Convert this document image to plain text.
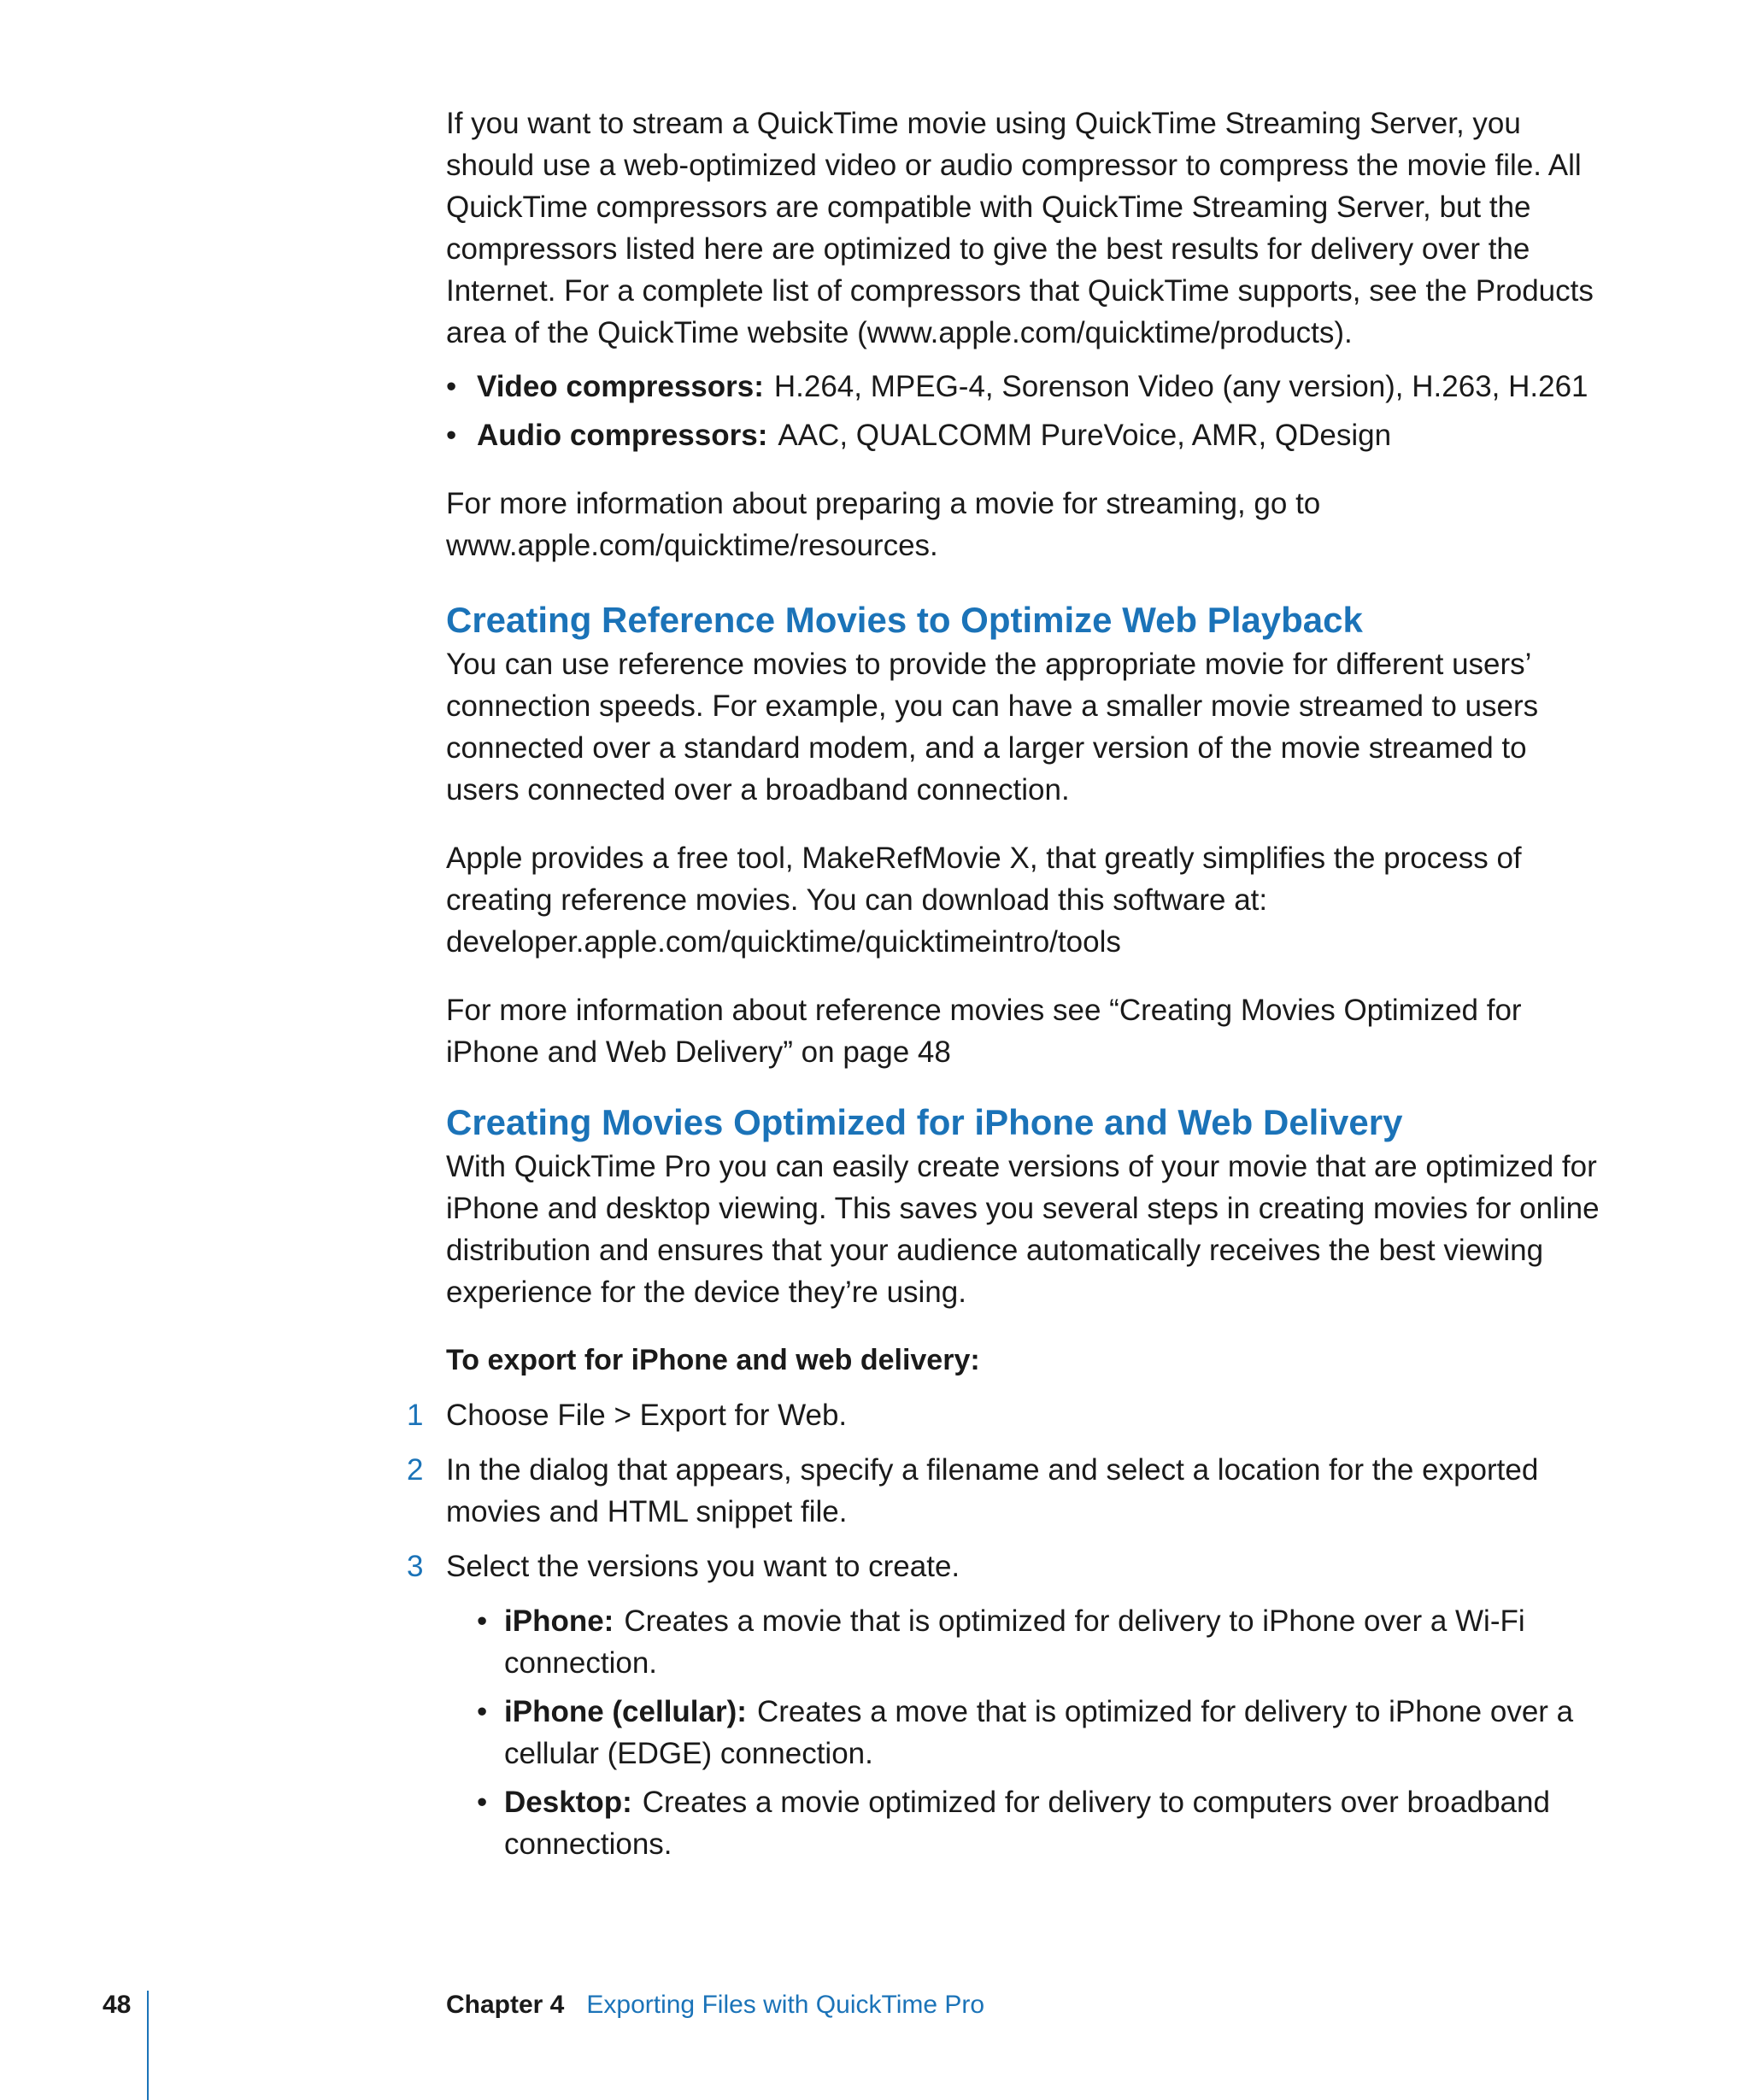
If you want to stream a QuickTime movie using QuickTime Streaming Server, you should use a web-optimized video or audio compressor to compress the movie file. All QuickTime compressors are compatible with QuickTime Streaming Server, but the compressors listed here are optimized to give the best results for delivery over the Internet. For a complete list of compressors that QuickTime supports, see the Products area of the QuickTime website (www.apple.com/quicktime/products).

• Video compressors: H.264, MPEG-4, Sorenson Video (any version), H.263, H.261
• Audio compressors: AAC, QUALCOMM PureVoice, AMR, QDesign

For more information about preparing a movie for streaming, go to www.apple.com/quicktime/resources.

Creating Reference Movies to Optimize Web Playback

You can use reference movies to provide the appropriate movie for different users’ connection speeds. For example, you can have a smaller movie streamed to users connected over a standard modem, and a larger version of the movie streamed to users connected over a broadband connection.

Apple provides a free tool, MakeRefMovie X, that greatly simplifies the process of creating reference movies. You can download this software at: developer.apple.com/quicktime/quicktimeintro/tools

For more information about reference movies see “Creating Movies Optimized for iPhone and Web Delivery” on page 48

Creating Movies Optimized for iPhone and Web Delivery

With QuickTime Pro you can easily create versions of your movie that are optimized for iPhone and desktop viewing. This saves you several steps in creating movies for online distribution and ensures that your audience automatically receives the best viewing experience for the device they’re using.

To export for iPhone and web delivery:

1 Choose File > Export for Web.
2 In the dialog that appears, specify a filename and select a location for the exported movies and HTML snippet file.
3 Select the versions you want to create.
• iPhone: Creates a movie that is optimized for delivery to iPhone over a Wi-Fi connection.
• iPhone (cellular): Creates a move that is optimized for delivery to iPhone over a cellular (EDGE) connection.
• Desktop: Creates a movie optimized for delivery to computers over broadband connections.
48	Chapter 4 Exporting Files with QuickTime Pro
